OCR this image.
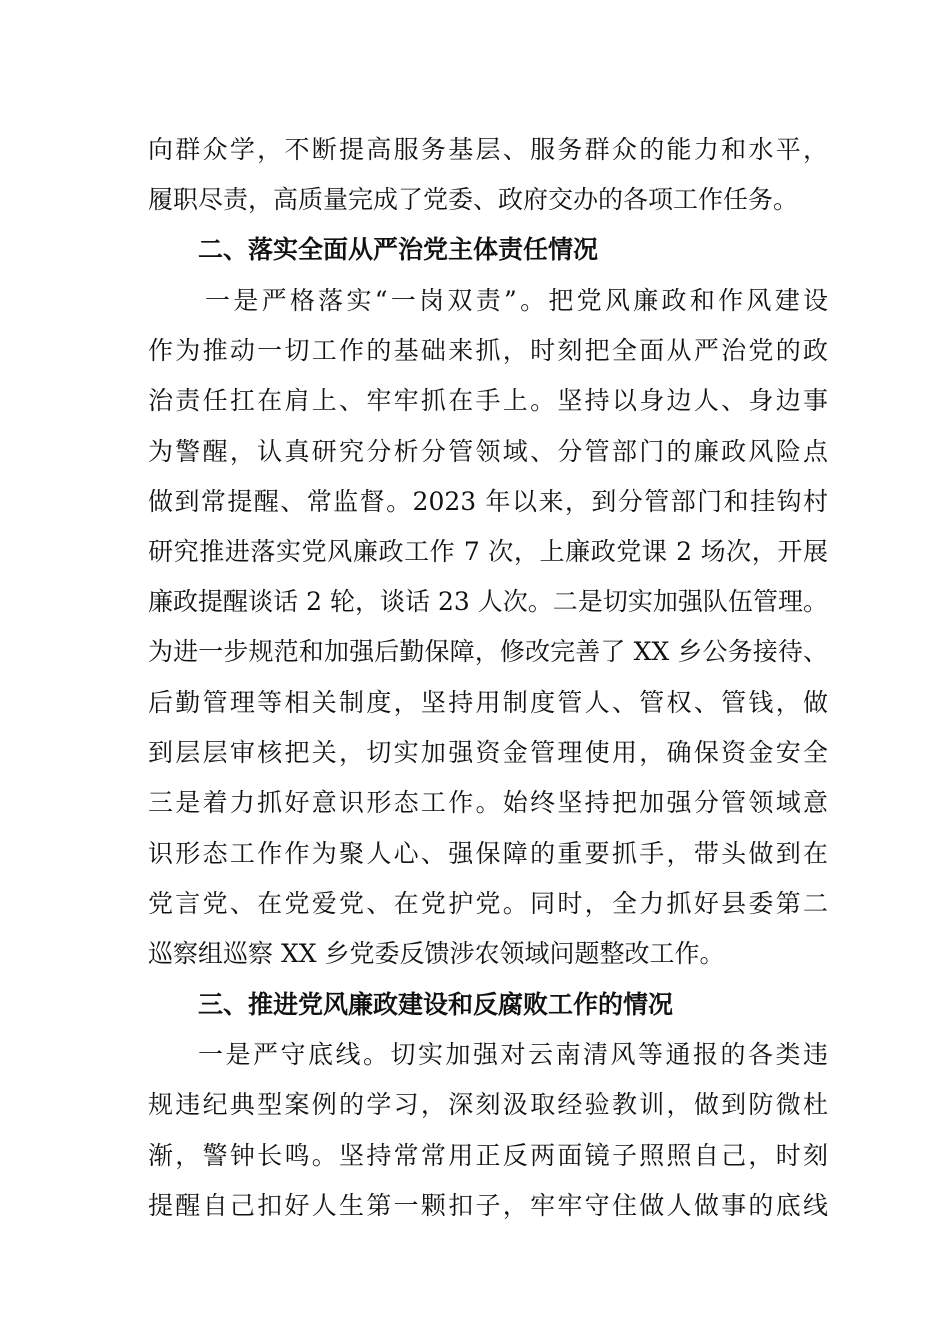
向群众学，不断提高服务基层、服务群众的能力和水平，
履职尽责，高质量完成了党委、政府交办的各项工作任务。
二、落实全面从严治党主体责任情况
一是严格落实“一岗双责”。把党风廉政和作风建设
作为推动一切工作的基础来抓，时刻把全面从严治党的政
治责任扛在肩上、牢牢抓在手上。坚持以身边人、身边事
为警醒，认真研究分析分管领域、分管部门的廉政风险点
做到常提醒、常监督。2023 年以来，到分管部门和挂钩村
研究推进落实党风廉政工作 7 次，上廉政党课 2 场次，开展
廉政提醒谈话 2 轮，谈话 23 人次。二是切实加强队伍管理。
为进一步规范和加强后勤保障，修改完善了 XX 乡公务接待、
后勤管理等相关制度，坚持用制度管人、管权、管钱，做
到层层审核把关，切实加强资金管理使用，确保资金安全
三是着力抓好意识形态工作。始终坚持把加强分管领域意
识形态工作作为聚人心、强保障的重要抓手，带头做到在
党言党、在党爱党、在党护党。同时，全力抓好县委第二
巡察组巡察 XX 乡党委反馈涉农领域问题整改工作。
三、推进党风廉政建设和反腐败工作的情况
一是严守底线。切实加强对云南清风等通报的各类违
规违纪典型案例的学习，深刻汲取经验教训，做到防微杜
渐，警钟长鸣。坚持常常用正反两面镜子照照自己，时刻
提醒自己扣好人生第一颗扣子，牢牢守住做人做事的底线
